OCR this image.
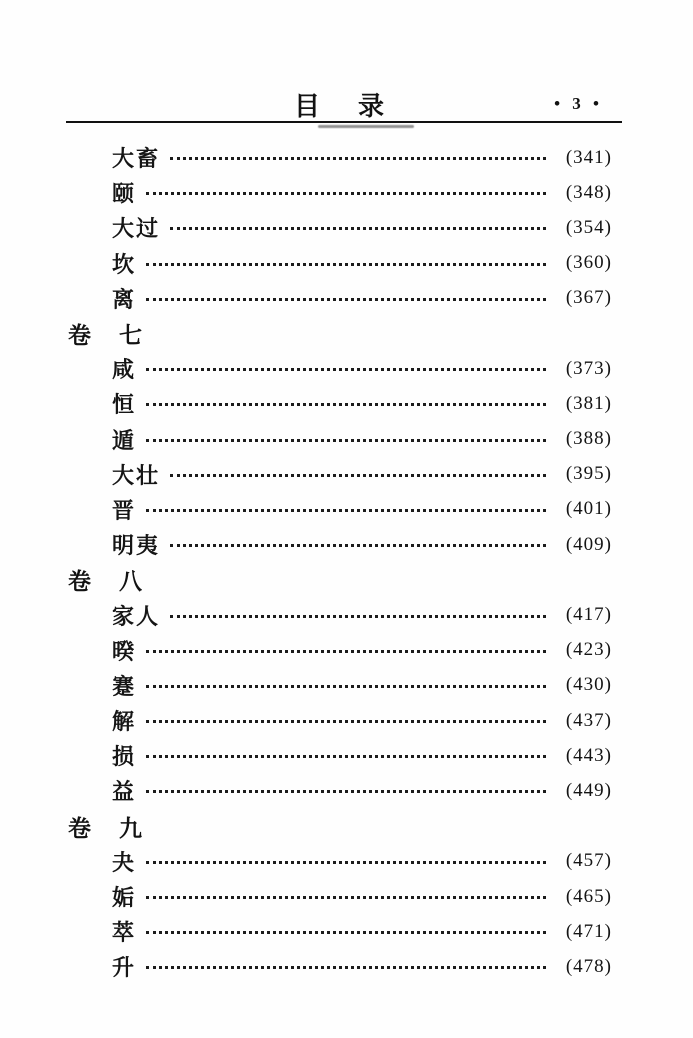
目　录	• 3 •
大畜	(341)
颐	(348)
大过	(354)
坎	(360)
离	(367)
卷 七
咸	(373)
恒	(381)
遁	(388)
大壮	(395)
晋	(401)
明夷	(409)
卷 八
家人	(417)
暌	(423)
蹇	(430)
解	(437)
损	(443)
益	(449)
卷 九
夬	(457)
姤	(465)
萃	(471)
升	(478)
